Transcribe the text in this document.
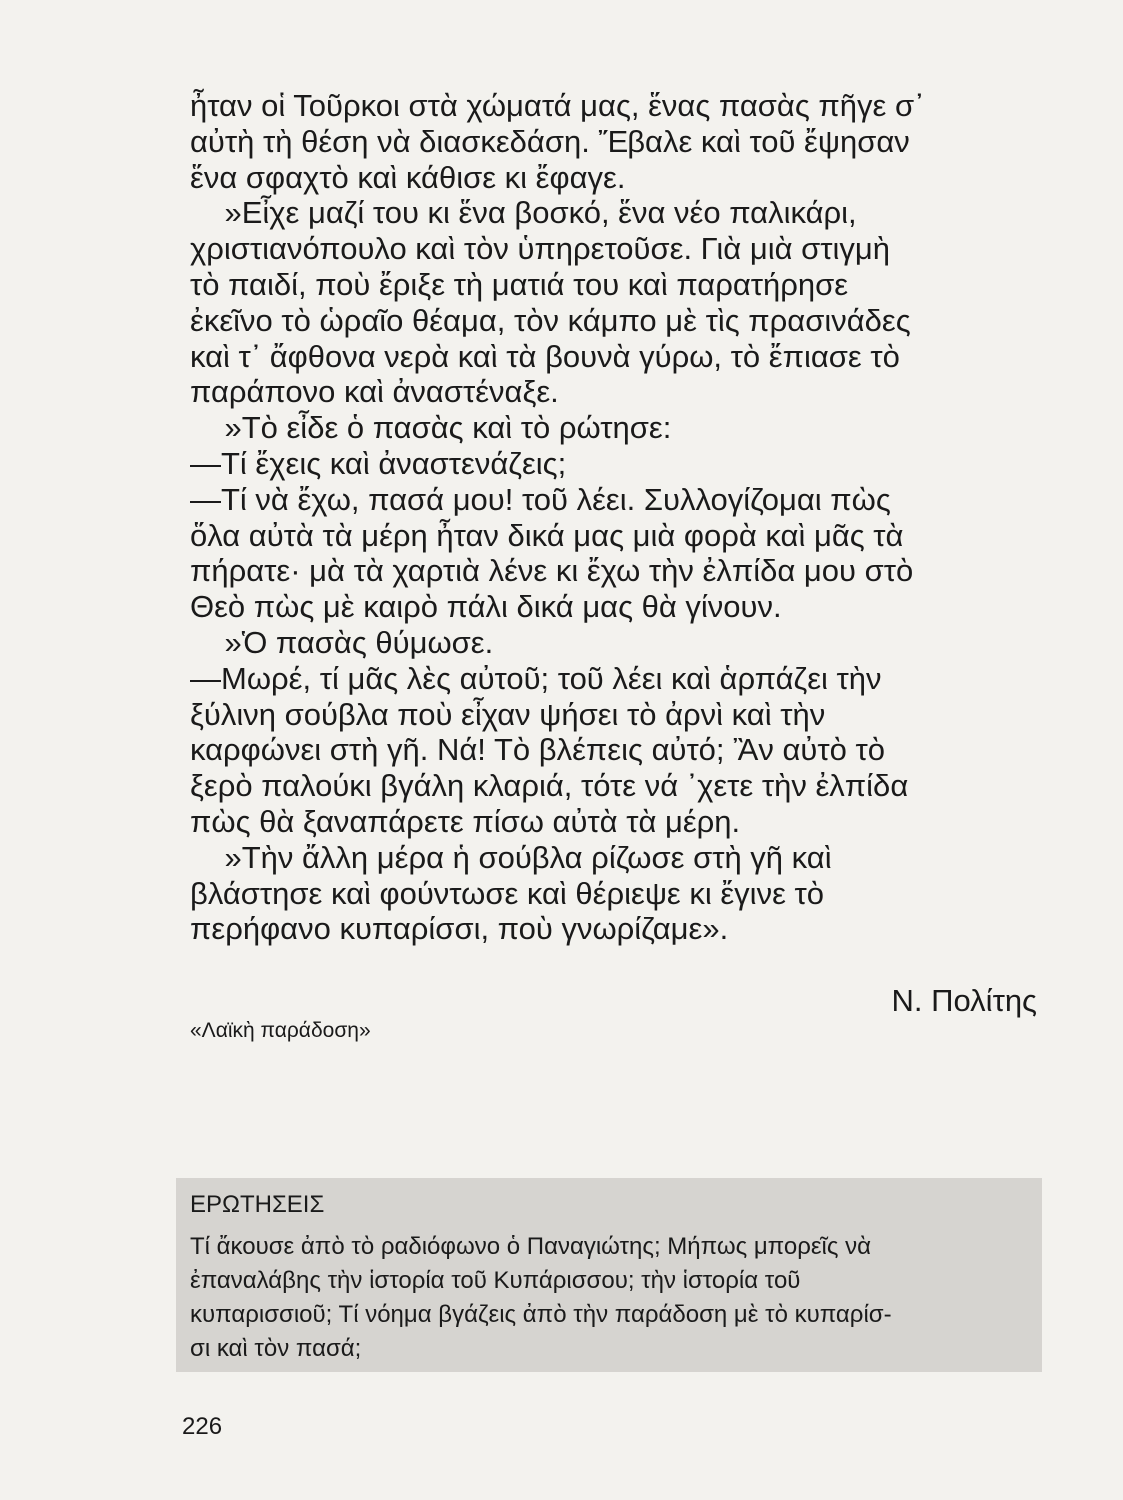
ἦταν οἱ Τοῦρκοι στὰ χώματά μας, ἕνας πασὰς πῆγε σ᾽
αὐτὴ τὴ θέση νὰ διασκεδάση. Ἔβαλε καὶ τοῦ ἔψησαν
ἕνα σφαχτὸ καὶ κάθισε κι ἔφαγε.
»Εἶχε μαζί του κι ἕνα βοσκό, ἕνα νέο παλικάρι,
χριστιανόπουλο καὶ τὸν ὑπηρετοῦσε. Γιὰ μιὰ στιγμὴ
τὸ παιδί, ποὺ ἔριξε τὴ ματιά του καὶ παρατήρησε
ἐκεῖνο τὸ ὡραῖο θέαμα, τὸν κάμπο μὲ τὶς πρασινάδες
καὶ τ᾽ ἄφθονα νερὰ καὶ τὰ βουνὰ γύρω, τὸ ἔπιασε τὸ
παράπονο καὶ ἀναστέναξε.
»Τὸ εἶδε ὁ πασὰς καὶ τὸ ρώτησε:
—Τί ἔχεις καὶ ἀναστενάζεις;
—Τί νὰ ἔχω, πασά μου! τοῦ λέει. Συλλογίζομαι πὼς
ὅλα αὐτὰ τὰ μέρη ἦταν δικά μας μιὰ φορὰ καὶ μᾶς τὰ
πήρατε· μὰ τὰ χαρτιὰ λένε κι ἔχω τὴν ἐλπίδα μου στὸ
Θεὸ πὼς μὲ καιρὸ πάλι δικά μας θὰ γίνουν.
»Ὁ πασὰς θύμωσε.
—Μωρέ, τί μᾶς λὲς αὐτοῦ; τοῦ λέει καὶ ἁρπάζει τὴν
ξύλινη σούβλα ποὺ εἶχαν ψήσει τὸ ἀρνὶ καὶ τὴν
καρφώνει στὴ γῆ. Νά! Τὸ βλέπεις αὐτό; Ἂν αὐτὸ τὸ
ξερὸ παλούκι βγάλη κλαριά, τότε νά ᾽χετε τὴν ἐλπίδα
πὼς θὰ ξαναπάρετε πίσω αὐτὰ τὰ μέρη.
»Τὴν ἄλλη μέρα ἡ σούβλα ρίζωσε στὴ γῆ καὶ
βλάστησε καὶ φούντωσε καὶ θέριεψε κι ἔγινε τὸ
περήφανο κυπαρίσσι, ποὺ γνωρίζαμε».
Ν. Πολίτης
«Λαϊκὴ παράδοση»
ΕΡΩΤΗΣΕΙΣ
Τί ἄκουσε ἀπὸ τὸ ραδιόφωνο ὁ Παναγιώτης; Μήπως μπορεῖς νὰ
ἐπαναλάβης τὴν ἱστορία τοῦ Κυπάρισσου; τὴν ἱστορία τοῦ
κυπαρισσιοῦ; Τί νόημα βγάζεις ἀπὸ τὴν παράδοση μὲ τὸ κυπαρίσ-
σι καὶ τὸν πασά;
226
